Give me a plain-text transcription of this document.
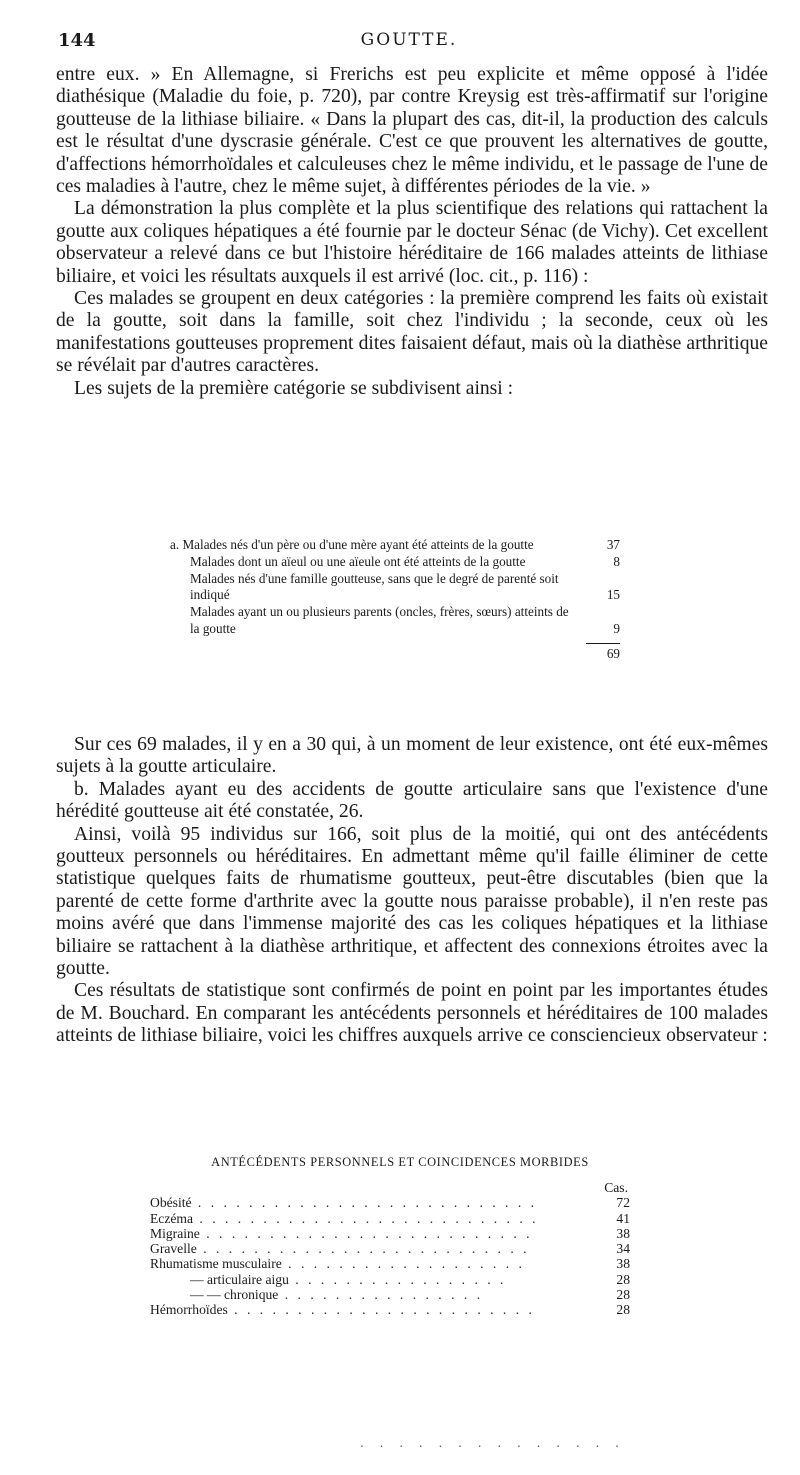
144	GOUTTE.

entre eux. » En Allemagne, si Frerichs est peu explicite et même opposé à l'idée diathésique (Maladie du foie, p. 720), par contre Kreysig est très-affirmatif sur l'origine goutteuse de la lithiase biliaire. « Dans la plupart des cas, dit-il, la production des calculs est le résultat d'une dyscrasie générale. C'est ce que prouvent les alternatives de goutte, d'affections hémorrhoïdales et calculeuses chez le même individu, et le passage de l'une de ces maladies à l'autre, chez le même sujet, à différentes périodes de la vie. »

La démonstration la plus complète et la plus scientifique des relations qui rattachent la goutte aux coliques hépatiques a été fournie par le docteur Sénac (de Vichy). Cet excellent observateur a relevé dans ce but l'histoire héréditaire de 166 malades atteints de lithiase biliaire, et voici les résultats auxquels il est arrivé (loc. cit., p. 116) :

Ces malades se groupent en deux catégories : la première comprend les faits où existait de la goutte, soit dans la famille, soit chez l'individu ; la seconde, ceux où les manifestations goutteuses proprement dites faisaient défaut, mais où la diathèse arthritique se révélait par d'autres caractères.

Les sujets de la première catégorie se subdivisent ainsi :

a. Malades nés d'un père ou d'une mère ayant été atteints de la goutte	37
Malades dont un aïeul ou une aïeule ont été atteints de la goutte	8
Malades nés d'une famille goutteuse, sans que le degré de parenté soit indiqué	15
Malades ayant un ou plusieurs parents (oncles, frères, sœurs) atteints de la goutte	9
69

Sur ces 69 malades, il y en a 30 qui, à un moment de leur existence, ont été eux-mêmes sujets à la goutte articulaire.

b. Malades ayant eu des accidents de goutte articulaire sans que l'existence d'une hérédité goutteuse ait été constatée, 26.

Ainsi, voilà 95 individus sur 166, soit plus de la moitié, qui ont des antécédents goutteux personnels ou héréditaires. En admettant même qu'il faille éliminer de cette statistique quelques faits de rhumatisme goutteux, peut-être discutables (bien que la parenté de cette forme d'arthrite avec la goutte nous paraisse probable), il n'en reste pas moins avéré que dans l'immense majorité des cas les coliques hépatiques et la lithiase biliaire se rattachent à la diathèse arthritique, et affectent des connexions étroites avec la goutte.

Ces résultats de statistique sont confirmés de point en point par les importantes études de M. Bouchard. En comparant les antécédents personnels et héréditaires de 100 malades atteints de lithiase biliaire, voici les chiffres auxquels arrive ce consciencieux observateur :

ANTÉCÉDENTS PERSONNELS ET COINCIDENCES MORBIDES
Cas.
Obésité . . . . . . . . . . . . . . . . . . . . . . . . . . .	72
Eczéma . . . . . . . . . . . . . . . . . . . . . . . . . . .	41
Migraine . . . . . . . . . . . . . . . . . . . . . . . . . .	38
Gravelle . . . . . . . . . . . . . . . . . . . . . . . . . .	34
Rhumatisme musculaire . . . . . . . . . . . . . . . . . . .	38
— articulaire aigu . . . . . . . . . . . . . . . . .	28
— — chronique . . . . . . . . . . . . . . . .	28
Hémorrhoïdes . . . . . . . . . . . . . . . . . . . . . . . .	28
. . . . . . . . . . . . . .
